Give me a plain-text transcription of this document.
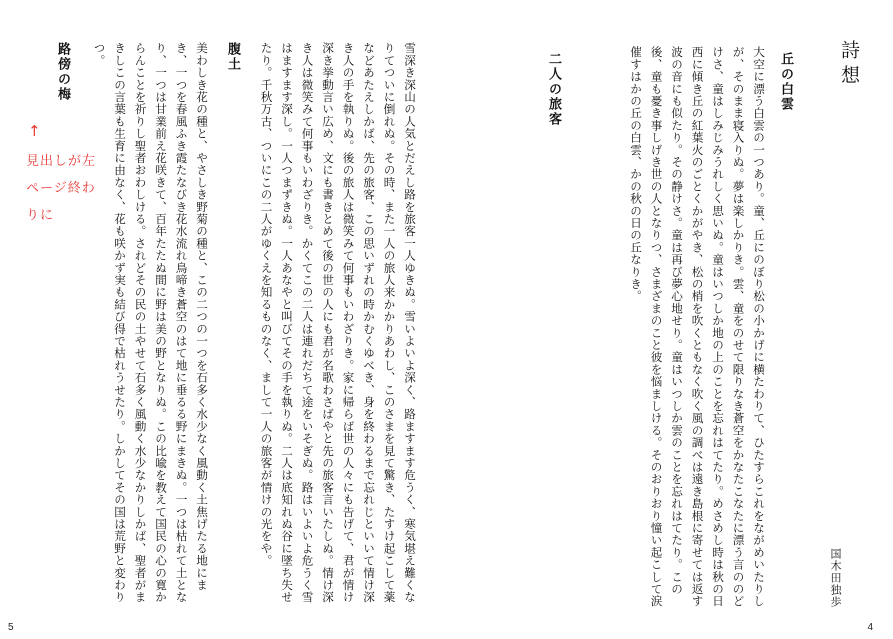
詩想
国木田独歩
丘の白雲
大空に漂う白雲の一つあり。童、丘にのぼり松の小かげに横たわりて、ひたすらこれをながめいたりしが、そのまま寝入りぬ。夢は楽しかりき。雲、童をのせて限りなき蒼空をかなたこなたに漂う言ののどけさ、童はしみじみうれしく思いぬ。童はいつしか地の上のことを忘れはてたり。めさめし時は秋の日西に傾き丘の紅葉火のごとくかがやき、松の梢を吹くともなく吹く風の調べは遠き島根に寄せては返す波の音にも似たり。その静けさ。童は再び夢心地せり。童はいつしか雲のことを忘れはてたり。この後、童も憂き事しげき世の人となりつ、さまざまのこと彼を悩ましける。そのおりおり憧い起こして涙催すはかの丘の白雲、かの秋の日の丘なりき。
二人の旅客
4
雪深き深山の人気とだえし路を旅客一人ゆきぬ。雪いよいよ深く、路ますます危うく、寒気堪え難くなりてついに倒れぬ。その時、また一人の旅人来かかりあわし、このさまを見て驚き、たすけ起こして薬などあたえしかば、先の旅客、この思いずれの時かむくゆべき、身を終わるまで忘れじといいて情け深き人の手を執りぬ。後の旅人は微笑みて何事もいわざりき。家に帰らば世の人々にも告げて、君が情け深き挙動言い広め、文にも書きとめて後の世の人にも君が名歌わさばやと先の旅客言いたしぬ。情け深き人は微笑みて何事もいわざりき。かくてこの二人は連れだちて途をいそぎぬ。路はいよいよ危うく雪はますます深し。一人つまずきぬ。一人あなやと叫びてその手を執りぬ。二人は底知れぬ谷に墜ち失せたり。千秋万古、ついにこの二人がゆくえを知るものなく、まして一人の旅客が情けの光をや。
腹土
美わしき花の種と、やさしき野菊の種と、この二つの一つを石多く水少なく風動く土焦げたる地にまき、一つを春風ふき霞たなびき花水流れ鳥啼き蒼空のはて地に垂るる野にまきぬ。一つは枯れて土となり、一つは甘業前え花咲きて、百年たたぬ間に野は美の野となりぬ。この比喩を教えて国民の心の寛からんことを祈りし聖者おわしける。されどその民の土やせて石多く風動く水少なかりしかば、聖者がまきしこの言葉も生育に由なく、花も咲かず実も結び得で枯れうせたり。しかしてその国は荒野と変わりつ。
路傍の梅
↑
見出しが左ページ終わりに
5
